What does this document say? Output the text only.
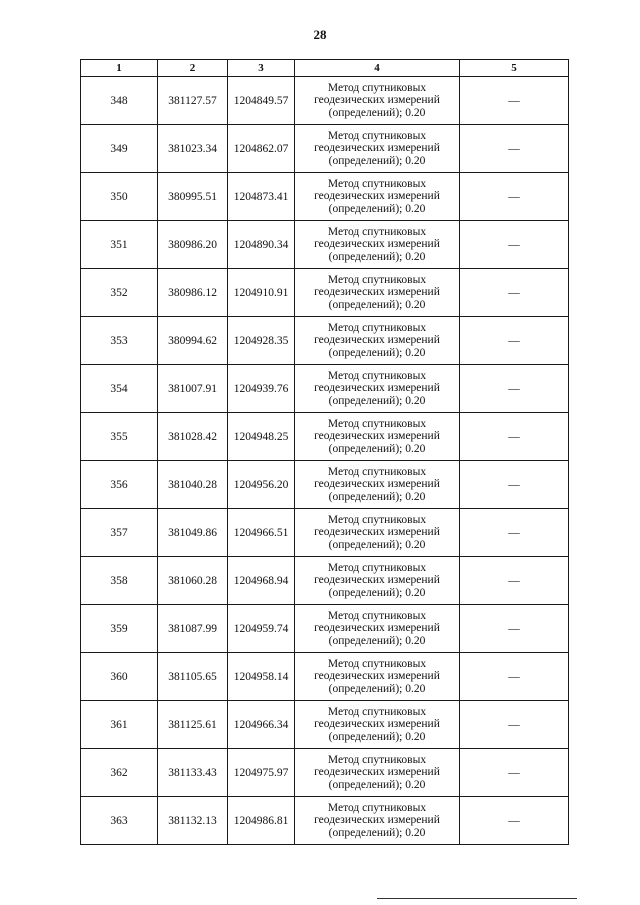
28
1	2	3	4	5
348	381127.57	1204849.57	Метод спутниковых
геодезических измерений
(определений); 0.20	—
349	381023.34	1204862.07	Метод спутниковых
геодезических измерений
(определений); 0.20	—
350	380995.51	1204873.41	Метод спутниковых
геодезических измерений
(определений); 0.20	—
351	380986.20	1204890.34	Метод спутниковых
геодезических измерений
(определений); 0.20	—
352	380986.12	1204910.91	Метод спутниковых
геодезических измерений
(определений); 0.20	—
353	380994.62	1204928.35	Метод спутниковых
геодезических измерений
(определений); 0.20	—
354	381007.91	1204939.76	Метод спутниковых
геодезических измерений
(определений); 0.20	—
355	381028.42	1204948.25	Метод спутниковых
геодезических измерений
(определений); 0.20	—
356	381040.28	1204956.20	Метод спутниковых
геодезических измерений
(определений); 0.20	—
357	381049.86	1204966.51	Метод спутниковых
геодезических измерений
(определений); 0.20	—
358	381060.28	1204968.94	Метод спутниковых
геодезических измерений
(определений); 0.20	—
359	381087.99	1204959.74	Метод спутниковых
геодезических измерений
(определений); 0.20	—
360	381105.65	1204958.14	Метод спутниковых
геодезических измерений
(определений); 0.20	—
361	381125.61	1204966.34	Метод спутниковых
геодезических измерений
(определений); 0.20	—
362	381133.43	1204975.97	Метод спутниковых
геодезических измерений
(определений); 0.20	—
363	381132.13	1204986.81	Метод спутниковых
геодезических измерений
(определений); 0.20	—
